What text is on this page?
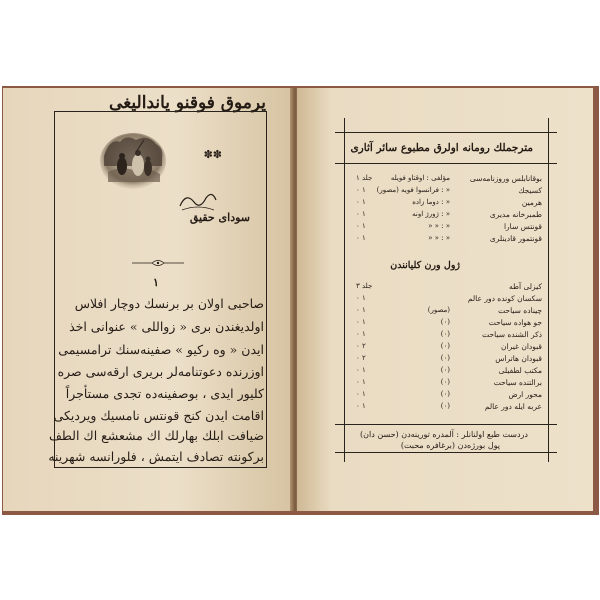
يرموق فوقنو يانداليغى
✽✽
سوداى حقيق
١
صاحبى اولان بر برنسك دوچار افلاس
اولديغندن برى « زواللى » عنوانى اخذ
ايدن « وه ركيو » صفينه‌سنك ترامسيمى
اوزرنده دعوتنامه‌لر بريرى ارقه‌سى صره
كليور ايدى ، بوصفينه‌ده تجدى مستأجراً
اقامت ايدن كنج قونتس نامسيك ويرديكى
ضيافت ابلك بهارلك اك مشعشع اك الطف
بركونته تصادف ايتمش ، فلورانسه شهرينه
مترجملك رومانه اولرق مطبوع سائر آثارى
بوقانابلس وروزنامه‌سى
مؤلفى : اوقتاو فويله
جلد ١
كسيجك
« : فرانسوا فويه (مصور)
١ ٠
هرمين
« : دوما زاده
١ ٠
طمبرخانه مديرى
« : ژورژ اونه
١ ٠
قونتس سارا
« : « «
١ ٠
قونتمور قادينلرى
« : « «
١ ٠
ژول ورن كليانندن
كيزلى آطه
جلد ٣
سكسان كونده دور عالم
١ ٠
چيناده سياحت
(مصور)
١ ٠
جو هواده سياحت
(٠)
١ ٠
ذكر الشنده سياحت
(٠)
١ ٠
قبودان غيران
(٠)
٢ ٠
قبودان هاتراس
(٠)
٢ ٠
مكتب لطفيلى
(٠)
١ ٠
برالتنده سياحت
(٠)
١ ٠
محور ارض
(٠)
١ ٠
عربه ايله دور عالم
(٠)
١ ٠
دردست طبع اولنانلر : آلمدره تورينه‌دن (حسن دان)
پول بورژه‌دن (برغافره محبت)
